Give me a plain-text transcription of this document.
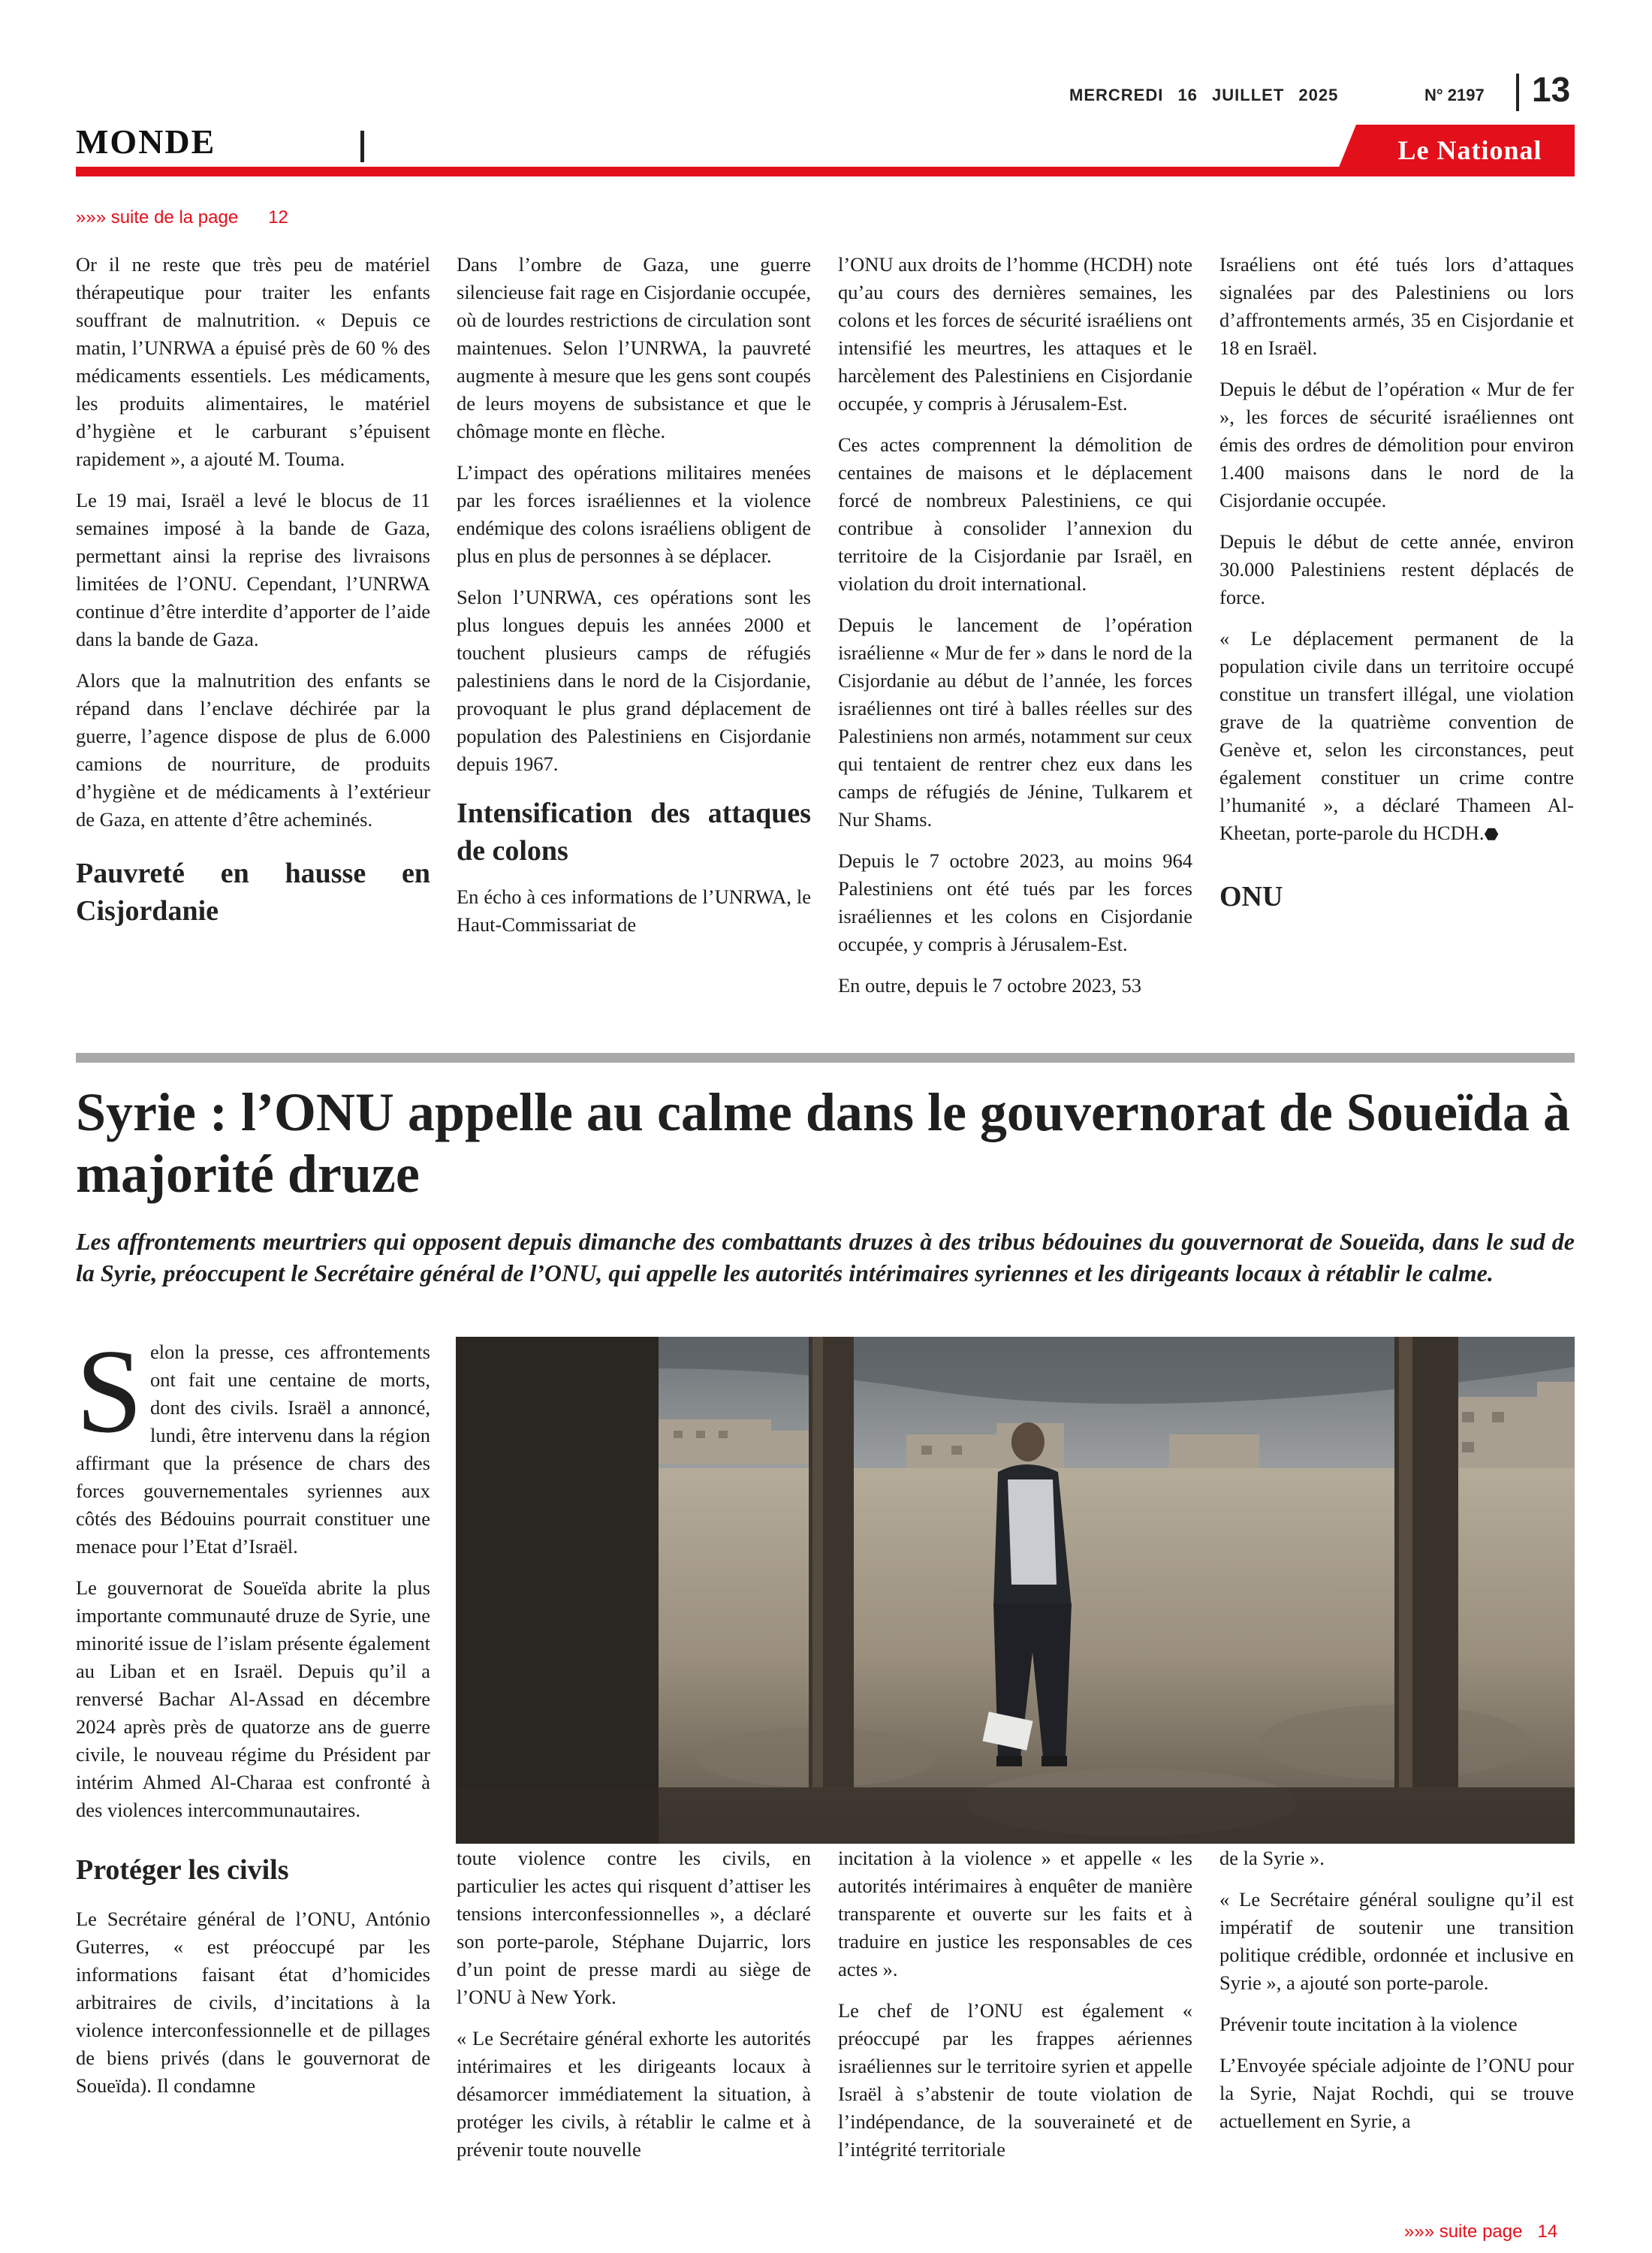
MERCREDI 16 JUILLET 2025	N° 2197 13
MONDE	Le National
»»» suite de la page 12

Or il ne reste que très peu de matériel thérapeutique pour traiter les enfants souffrant de malnutrition. « Depuis ce matin, l’UNRWA a épuisé près de 60 % des médicaments essentiels. Les médicaments, les produits alimentaires, le matériel d’hygiène et le carburant s’épuisent rapidement », a ajouté M. Touma.

Le 19 mai, Israël a levé le blocus de 11 semaines imposé à la bande de Gaza, permettant ainsi la reprise des livraisons limitées de l’ONU. Cependant, l’UNRWA continue d’être interdite d’apporter de l’aide dans la bande de Gaza.

Alors que la malnutrition des enfants se répand dans l’enclave déchirée par la guerre, l’agence dispose de plus de 6.000 camions de nourriture, de produits d’hygiène et de médicaments à l’extérieur de Gaza, en attente d’être acheminés.

Pauvreté en hausse en Cisjordanie

Dans l’ombre de Gaza, une guerre silencieuse fait rage en Cisjordanie occupée, où de lourdes restrictions de circulation sont maintenues. Selon l’UNRWA, la pauvreté augmente à mesure que les gens sont coupés de leurs moyens de subsistance et que le chômage monte en flèche.

L’impact des opérations militaires menées par les forces israéliennes et la violence endémique des colons israéliens obligent de plus en plus de personnes à se déplacer.

Selon l’UNRWA, ces opérations sont les plus longues depuis les années 2000 et touchent plusieurs camps de réfugiés palestiniens dans le nord de la Cisjordanie, provoquant le plus grand déplacement de population des Palestiniens en Cisjordanie depuis 1967.

Intensification des attaques de colons

En écho à ces informations de l’UNRWA, le Haut-Commissariat de

l’ONU aux droits de l’homme (HCDH) note qu’au cours des dernières semaines, les colons et les forces de sécurité israéliens ont intensifié les meurtres, les attaques et le harcèlement des Palestiniens en Cisjordanie occupée, y compris à Jérusalem-Est.

Ces actes comprennent la démolition de centaines de maisons et le déplacement forcé de nombreux Palestiniens, ce qui contribue à consolider l’annexion du territoire de la Cisjordanie par Israël, en violation du droit international.

Depuis le lancement de l’opération israélienne « Mur de fer » dans le nord de la Cisjordanie au début de l’année, les forces israéliennes ont tiré à balles réelles sur des Palestiniens non armés, notamment sur ceux qui tentaient de rentrer chez eux dans les camps de réfugiés de Jénine, Tulkarem et Nur Shams.

Depuis le 7 octobre 2023, au moins 964 Palestiniens ont été tués par les forces israéliennes et les colons en Cisjordanie occupée, y compris à Jérusalem-Est.

En outre, depuis le 7 octobre 2023, 53

Israéliens ont été tués lors d’attaques signalées par des Palestiniens ou lors d’affrontements armés, 35 en Cisjordanie et 18 en Israël.

Depuis le début de l’opération « Mur de fer », les forces de sécurité israéliennes ont émis des ordres de démolition pour environ 1.400 maisons dans le nord de la Cisjordanie occupée.

Depuis le début de cette année, environ 30.000 Palestiniens restent déplacés de force.

« Le déplacement permanent de la population civile dans un territoire occupé constitue un transfert illégal, une violation grave de la quatrième convention de Genève et, selon les circonstances, peut également constituer un crime contre l’humanité », a déclaré Thameen Al-Kheetan, porte-parole du HCDH.⬣

ONU
Syrie : l’ONU appelle au calme dans le gouvernorat de Soueïda à majorité druze

Les affrontements meurtriers qui opposent depuis dimanche des combattants druzes à des tribus bédouines du gouvernorat de Soueïda, dans le sud de la Syrie, préoccupent le Secrétaire général de l’ONU, qui appelle les autorités intérimaires syriennes et les dirigeants locaux à rétablir le calme.

Selon la presse, ces affrontements ont fait une centaine de morts, dont des civils. Israël a annoncé, lundi, être intervenu dans la région affirmant que la présence de chars des forces gouvernementales syriennes aux côtés des Bédouins pourrait constituer une menace pour l’Etat d’Israël.

Le gouvernorat de Soueïda abrite la plus importante communauté druze de Syrie, une minorité issue de l’islam présente également au Liban et en Israël. Depuis qu’il a renversé Bachar Al-Assad en décembre 2024 après près de quatorze ans de guerre civile, le nouveau régime du Président par intérim Ahmed Al-Charaa est confronté à des violences intercommunautaires.

Protéger les civils

Le Secrétaire général de l’ONU, António Guterres, « est préoccupé par les informations faisant état d’homicides arbitraires de civils, d’incitations à la violence interconfessionnelle et de pillages de biens privés (dans le gouvernorat de Soueïda). Il condamne

toute violence contre les civils, en particulier les actes qui risquent d’attiser les tensions interconfessionnelles », a déclaré son porte-parole, Stéphane Dujarric, lors d’un point de presse mardi au siège de l’ONU à New York.

« Le Secrétaire général exhorte les autorités intérimaires et les dirigeants locaux à désamorcer immédiatement la situation, à protéger les civils, à rétablir le calme et à prévenir toute nouvelle

incitation à la violence » et appelle « les autorités intérimaires à enquêter de manière transparente et ouverte sur les faits et à traduire en justice les responsables de ces actes ».

Le chef de l’ONU est également « préoccupé par les frappes aériennes israéliennes sur le territoire syrien et appelle Israël à s’abstenir de toute violation de l’indépendance, de la souveraineté et de l’intégrité territoriale

de la Syrie ».

« Le Secrétaire général souligne qu’il est impératif de soutenir une transition politique crédible, ordonnée et inclusive en Syrie », a ajouté son porte-parole.

Prévenir toute incitation à la violence

L’Envoyée spéciale adjointe de l’ONU pour la Syrie, Najat Rochdi, qui se trouve actuellement en Syrie, a

»»» suite page 14
